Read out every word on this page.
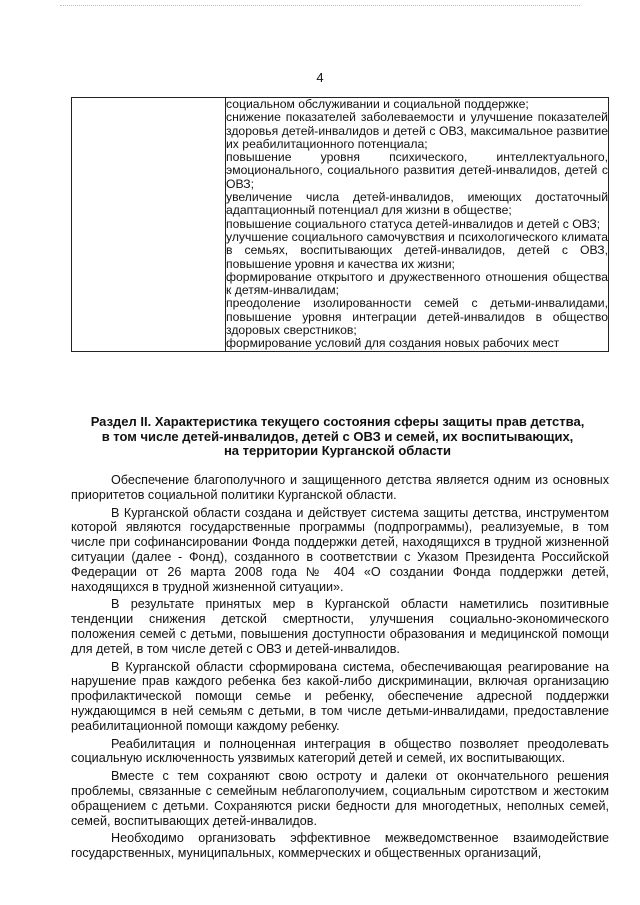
4

социальном обслуживании и социальной поддержке;
снижение показателей заболеваемости и улучшение показателей здоровья детей-инвалидов и детей с ОВЗ, максимальное развитие их реабилитационного потенциала;
повышение уровня психического, интеллектуального, эмоционального, социального развития детей-инвалидов, детей с ОВЗ;
увеличение числа детей-инвалидов, имеющих достаточный адаптационный потенциал для жизни в обществе;
повышение социального статуса детей-инвалидов и детей с ОВЗ;
улучшение социального самочувствия и психологического климата в семьях, воспитывающих детей-инвалидов, детей с ОВЗ, повышение уровня и качества их жизни;
формирование открытого и дружественного отношения общества к детям-инвалидам;
преодоление изолированности семей с детьми-инвалидами, повышение уровня интеграции детей-инвалидов в общество здоровых сверстников;
формирование условий для создания новых рабочих мест
Раздел II. Характеристика текущего состояния сферы защиты прав детства,
в том числе детей-инвалидов, детей с ОВЗ и семей, их воспитывающих,
на территории Курганской области

Обеспечение благополучного и защищенного детства является одним из основных приоритетов социальной политики Курганской области.

В Курганской области создана и действует система защиты детства, инструментом которой являются государственные программы (подпрограммы), реализуемые, в том числе при софинансировании Фонда поддержки детей, находящихся в трудной жизненной ситуации (далее - Фонд), созданного в соответствии с Указом Президента Российской Федерации от 26 марта 2008 года № 404 «О создании Фонда поддержки детей, находящихся в трудной жизненной ситуации».

В результате принятых мер в Курганской области наметились позитивные тенденции снижения детской смертности, улучшения социально-экономического положения семей с детьми, повышения доступности образования и медицинской помощи для детей, в том числе детей с ОВЗ и детей-инвалидов.

В Курганской области сформирована система, обеспечивающая реагирование на нарушение прав каждого ребенка без какой-либо дискриминации, включая организацию профилактической помощи семье и ребенку, обеспечение адресной поддержки нуждающимся в ней семьям с детьми, в том числе детьми-инвалидами, предоставление реабилитационной помощи каждому ребенку.

Реабилитация и полноценная интеграция в общество позволяет преодолевать социальную исключенность уязвимых категорий детей и семей, их воспитывающих.

Вместе с тем сохраняют свою остроту и далеки от окончательного решения проблемы, связанные с семейным неблагополучием, социальным сиротством и жестоким обращением с детьми. Сохраняются риски бедности для многодетных, неполных семей, семей, воспитывающих детей-инвалидов.

Необходимо организовать эффективное межведомственное взаимодействие государственных, муниципальных, коммерческих и общественных организаций,
